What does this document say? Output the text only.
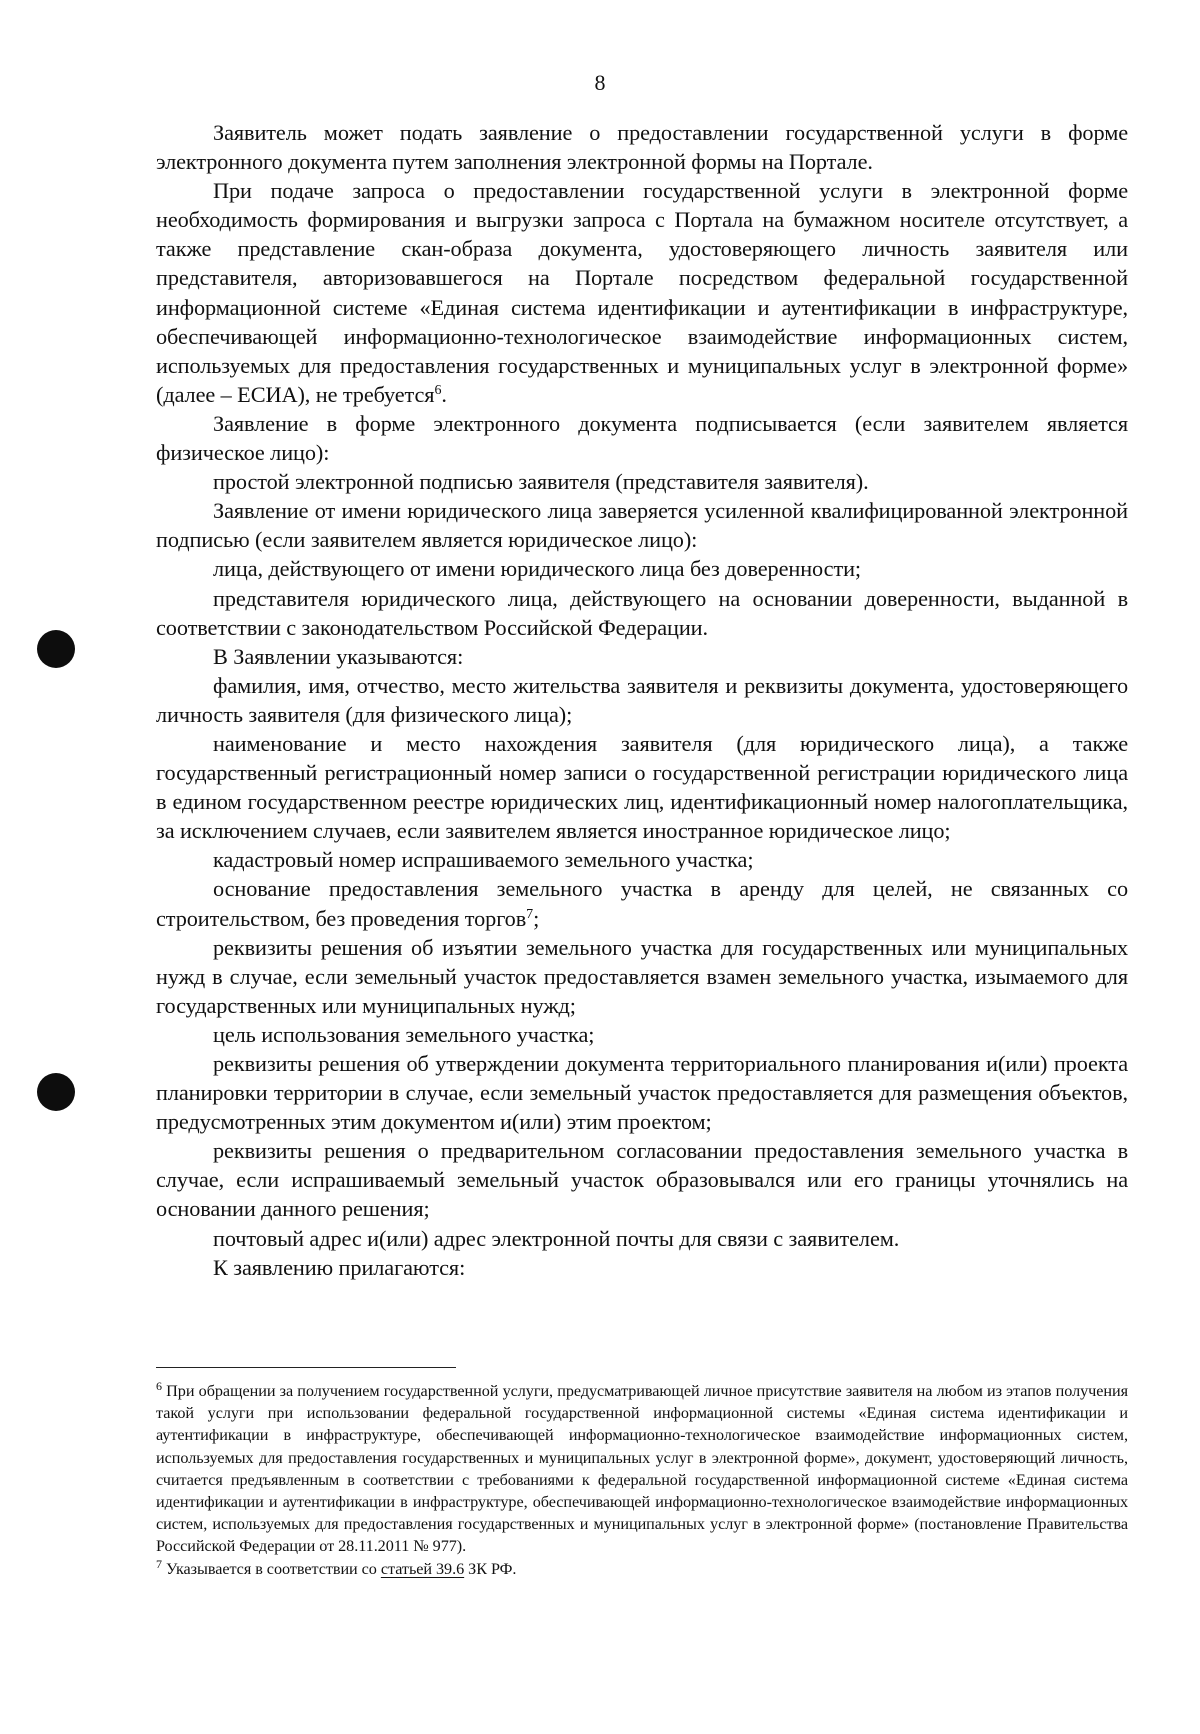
8

Заявитель может подать заявление о предоставлении государственной услуги в форме электронного документа путем заполнения электронной формы на Портале.

При подаче запроса о предоставлении государственной услуги в электронной форме необходимость формирования и выгрузки запроса с Портала на бумажном носителе отсутствует, а также представление скан-образа документа, удостоверяющего личность заявителя или представителя, авторизовавшегося на Портале посредством федеральной государственной информационной системе «Единая система идентификации и аутентификации в инфраструктуре, обеспечивающей информационно-технологическое взаимодействие информационных систем, используемых для предоставления государственных и муниципальных услуг в электронной форме» (далее – ЕСИА), не требуется$^6$.

Заявление в форме электронного документа подписывается (если заявителем является физическое лицо):

простой электронной подписью заявителя (представителя заявителя).

Заявление от имени юридического лица заверяется усиленной квалифицированной электронной подписью (если заявителем является юридическое лицо):

лица, действующего от имени юридического лица без доверенности;

представителя юридического лица, действующего на основании доверенности, выданной в соответствии с законодательством Российской Федерации.

В Заявлении указываются:

фамилия, имя, отчество, место жительства заявителя и реквизиты документа, удостоверяющего личность заявителя (для физического лица);

наименование и место нахождения заявителя (для юридического лица), а также государственный регистрационный номер записи о государственной регистрации юридического лица в едином государственном реестре юридических лиц, идентификационный номер налогоплательщика, за исключением случаев, если заявителем является иностранное юридическое лицо;

кадастровый номер испрашиваемого земельного участка;

основание предоставления земельного участка в аренду для целей, не связанных со строительством, без проведения торгов$^7$;

реквизиты решения об изъятии земельного участка для государственных или муниципальных нужд в случае, если земельный участок предоставляется взамен земельного участка, изымаемого для государственных или муниципальных нужд;

цель использования земельного участка;

реквизиты решения об утверждении документа территориального планирования и(или) проекта планировки территории в случае, если земельный участок предоставляется для размещения объектов, предусмотренных этим документом и(или) этим проектом;

реквизиты решения о предварительном согласовании предоставления земельного участка в случае, если испрашиваемый земельный участок образовывался или его границы уточнялись на основании данного решения;

почтовый адрес и(или) адрес электронной почты для связи с заявителем.

К заявлению прилагаются:

$^6$ При обращении за получением государственной услуги, предусматривающей личное присутствие заявителя на любом из этапов получения такой услуги при использовании федеральной государственной информационной системы «Единая система идентификации и аутентификации в инфраструктуре, обеспечивающей информационно-технологическое взаимодействие информационных систем, используемых для предоставления государственных и муниципальных услуг в электронной форме», документ, удостоверяющий личность, считается предъявленным в соответствии с требованиями к федеральной государственной информационной системе «Единая система идентификации и аутентификации в инфраструктуре, обеспечивающей информационно-технологическое взаимодействие информационных систем, используемых для предоставления государственных и муниципальных услуг в электронной форме» (постановление Правительства Российской Федерации от 28.11.2011 № 977).

$^7$ Указывается в соответствии со статьей 39.6 ЗК РФ.
